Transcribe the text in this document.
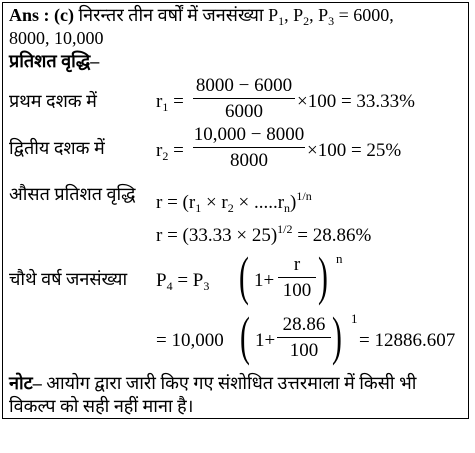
Ans : (c) निरन्तर तीन वर्षों में जनसंख्या $P_1$, $P_2$, $P_3 = 6000$,
8000, 10,000
प्रतिशत वृद्धि–
प्रथम दशक में	$r_1$ =
8000 − 6000
6000	×100 = 33.33%
द्वितीय दशक में	$r_2$ =
10,000 − 8000
8000	×100 = 25%
औसत प्रतिशत वृद्धि $r = (r_1 \times r_2 \times .....r_n)^{1/n}$
$r = (33.33 \times 25)^{1/2} = 28.86\%$
चौथे वर्ष जनसंख्या $P_4 = P_3$ ( 1+
r
100 ) n
= 10,000 ( 1+
28.86
100 ) 1
= 12886.607
नोट– आयोग द्वारा जारी किए गए संशोधित उत्तरमाला में किसी भी
विकल्प को सही नहीं माना है।
